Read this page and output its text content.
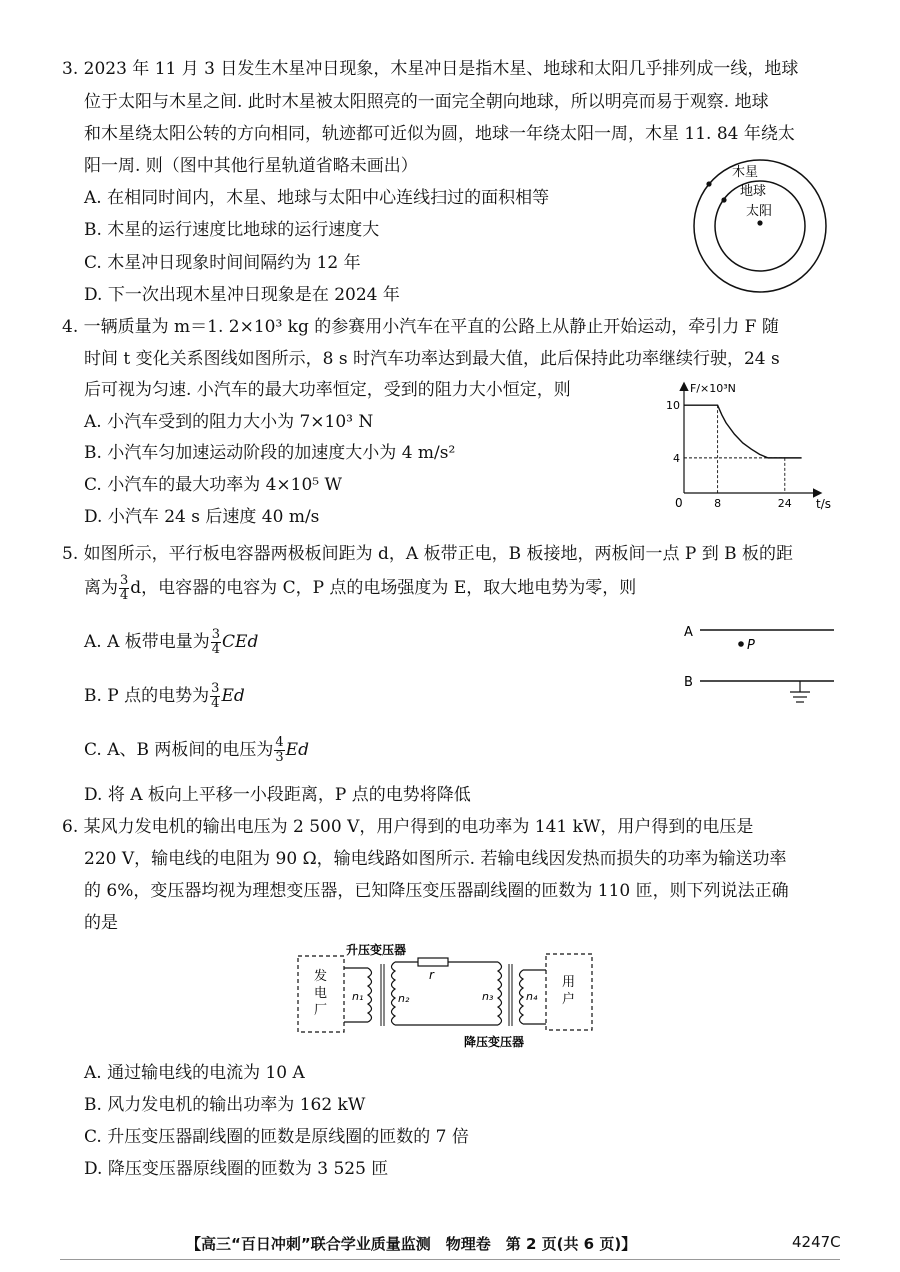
3. 2023 年 11 月 3 日发生木星冲日现象，木星冲日是指木星、地球和太阳几乎排列成一线，地球
位于太阳与木星之间. 此时木星被太阳照亮的一面完全朝向地球，所以明亮而易于观察. 地球
和木星绕太阳公转的方向相同，轨迹都可近似为圆，地球一年绕太阳一周，木星 11. 84 年绕太
阳一周. 则（图中其他行星轨道省略未画出）
A. 在相同时间内，木星、地球与太阳中心连线扫过的面积相等
B. 木星的运行速度比地球的运行速度大
C. 木星冲日现象时间间隔约为 12 年
D. 下一次出现木星冲日现象是在 2024 年
木星
地球
太阳
4. 一辆质量为 m＝1. 2×10³ kg 的参赛用小汽车在平直的公路上从静止开始运动，牵引力 F 随
时间 t 变化关系图线如图所示，8 s 时汽车功率达到最大值，此后保持此功率继续行驶，24 s
后可视为匀速. 小汽车的最大功率恒定，受到的阻力大小恒定，则
A. 小汽车受到的阻力大小为 7×10³ N
B. 小汽车匀加速运动阶段的加速度大小为 4 m/s²
C. 小汽车的最大功率为 4×10⁵ W
D. 小汽车 24 s 后速度 40 m/s
8	24
10
4
F/×10³N
t/s
0
5. 如图所示，平行板电容器两极板间距为 d，A 板带正电，B 板接地，两板间一点 P 到 B 板的距
离为 $\frac{3}{4}$ d，电容器的电容为 C，P 点的电场强度为 E，取大地电势为零，则
A. A 板带电量为 $\frac{3}{4}$ CEd
B. P 点的电势为 $\frac{3}{4}$ Ed
C. A、B 两板间的电压为 $\frac{4}{3}$ Ed
D. 将 A 板向上平移一小段距离，P 点的电势将降低
A
P
B
6. 某风力发电机的输出电压为 2 500 V，用户得到的电功率为 141 kW，用户得到的电压是
220 V，输电线的电阻为 90 Ω，输电线路如图所示. 若输电线因发热而损失的功率为输送功率
的 6%，变压器均视为理想变压器，已知降压变压器副线圈的匝数为 110 匝，则下列说法正确
的是
发电厂
用户
n₁	n₂
r
n₃	n₄
升压变压器
降压变压器
A. 通过输电线的电流为 10 A
B. 风力发电机的输出功率为 162 kW
C. 升压变压器副线圈的匝数是原线圈的匝数的 7 倍
D. 降压变压器原线圈的匝数为 3 525 匝
【高三“百日冲刺”联合学业质量监测　物理卷　第 2 页(共 6 页)】	4247C
